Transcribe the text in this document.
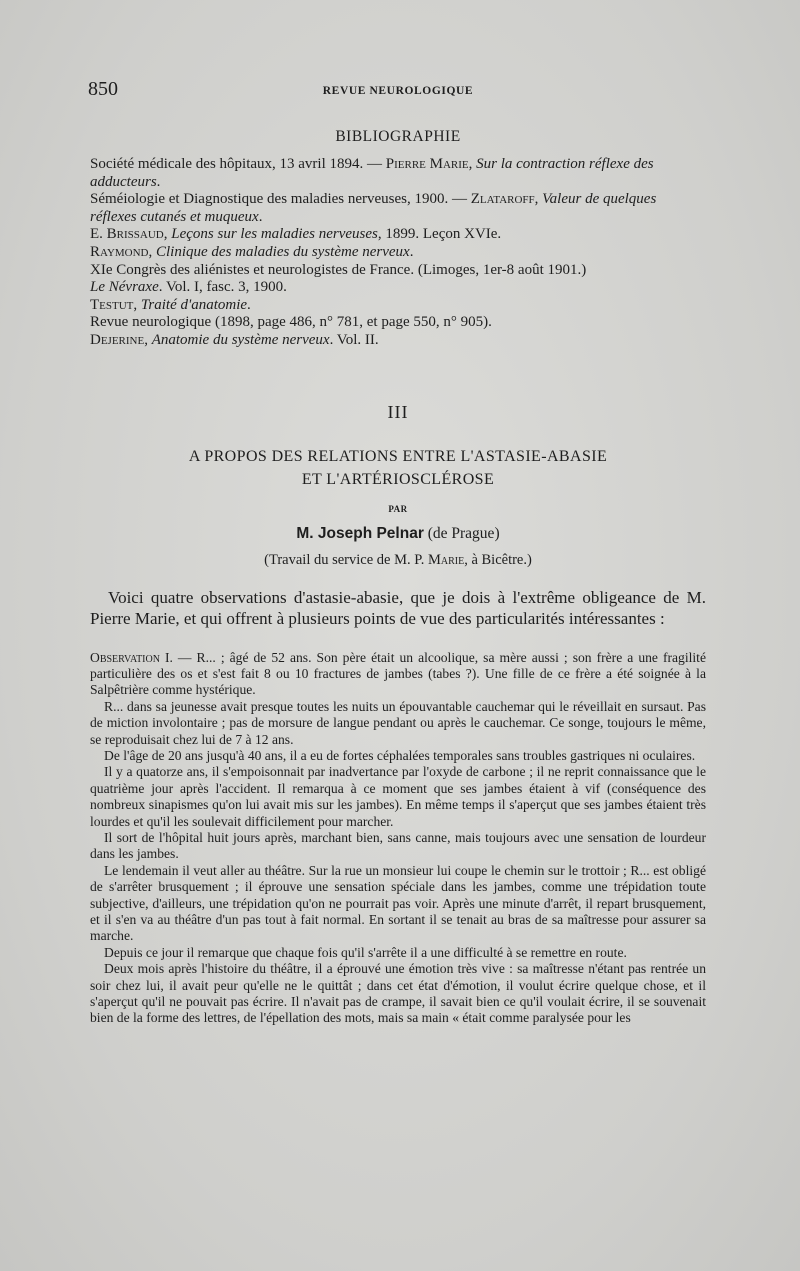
850	REVUE NEUROLOGIQUE
BIBLIOGRAPHIE

Société médicale des hôpitaux, 13 avril 1894. — Pierre Marie, Sur la contraction réflexe des adducteurs.

Séméiologie et Diagnostique des maladies nerveuses, 1900. — Zlataroff, Valeur de quelques réflexes cutanés et muqueux.

E. Brissaud, Leçons sur les maladies nerveuses, 1899. Leçon XVIe.

Raymond, Clinique des maladies du système nerveux.

XIe Congrès des aliénistes et neurologistes de France. (Limoges, 1er-8 août 1901.)

Le Névraxe. Vol. I, fasc. 3, 1900.

Testut, Traité d'anatomie.

Revue neurologique (1898, page 486, n° 781, et page 550, n° 905).

Dejerine, Anatomie du système nerveux. Vol. II.

III
A PROPOS DES RELATIONS ENTRE L'ASTASIE-ABASIE
ET L'ARTÉRIOSCLÉROSE
PAR
M. Joseph Pelnar (de Prague)
(Travail du service de M. P. Marie, à Bicêtre.)

Voici quatre observations d'astasie-abasie, que je dois à l'extrême obligeance de M. Pierre Marie, et qui offrent à plusieurs points de vue des particularités intéressantes :

Observation I. — R... ; âgé de 52 ans. Son père était un alcoolique, sa mère aussi ; son frère a une fragilité particulière des os et s'est fait 8 ou 10 fractures de jambes (tabes ?). Une fille de ce frère a été soignée à la Salpêtrière comme hystérique.

R... dans sa jeunesse avait presque toutes les nuits un épouvantable cauchemar qui le réveillait en sursaut. Pas de miction involontaire ; pas de morsure de langue pendant ou après le cauchemar. Ce songe, toujours le même, se reproduisait chez lui de 7 à 12 ans.

De l'âge de 20 ans jusqu'à 40 ans, il a eu de fortes céphalées temporales sans troubles gastriques ni oculaires.

Il y a quatorze ans, il s'empoisonnait par inadvertance par l'oxyde de carbone ; il ne reprit connaissance que le quatrième jour après l'accident. Il remarqua à ce moment que ses jambes étaient à vif (conséquence des nombreux sinapismes qu'on lui avait mis sur les jambes). En même temps il s'aperçut que ses jambes étaient très lourdes et qu'il les soulevait difficilement pour marcher.

Il sort de l'hôpital huit jours après, marchant bien, sans canne, mais toujours avec une sensation de lourdeur dans les jambes.

Le lendemain il veut aller au théâtre. Sur la rue un monsieur lui coupe le chemin sur le trottoir ; R... est obligé de s'arrêter brusquement ; il éprouve une sensation spéciale dans les jambes, comme une trépidation toute subjective, d'ailleurs, une trépidation qu'on ne pourrait pas voir. Après une minute d'arrêt, il repart brusquement, et il s'en va au théâtre d'un pas tout à fait normal. En sortant il se tenait au bras de sa maîtresse pour assurer sa marche.

Depuis ce jour il remarque que chaque fois qu'il s'arrête il a une difficulté à se remettre en route.

Deux mois après l'histoire du théâtre, il a éprouvé une émotion très vive : sa maîtresse n'étant pas rentrée un soir chez lui, il avait peur qu'elle ne le quittât ; dans cet état d'émotion, il voulut écrire quelque chose, et il s'aperçut qu'il ne pouvait pas écrire. Il n'avait pas de crampe, il savait bien ce qu'il voulait écrire, il se souvenait bien de la forme des lettres, de l'épellation des mots, mais sa main « était comme paralysée pour les
